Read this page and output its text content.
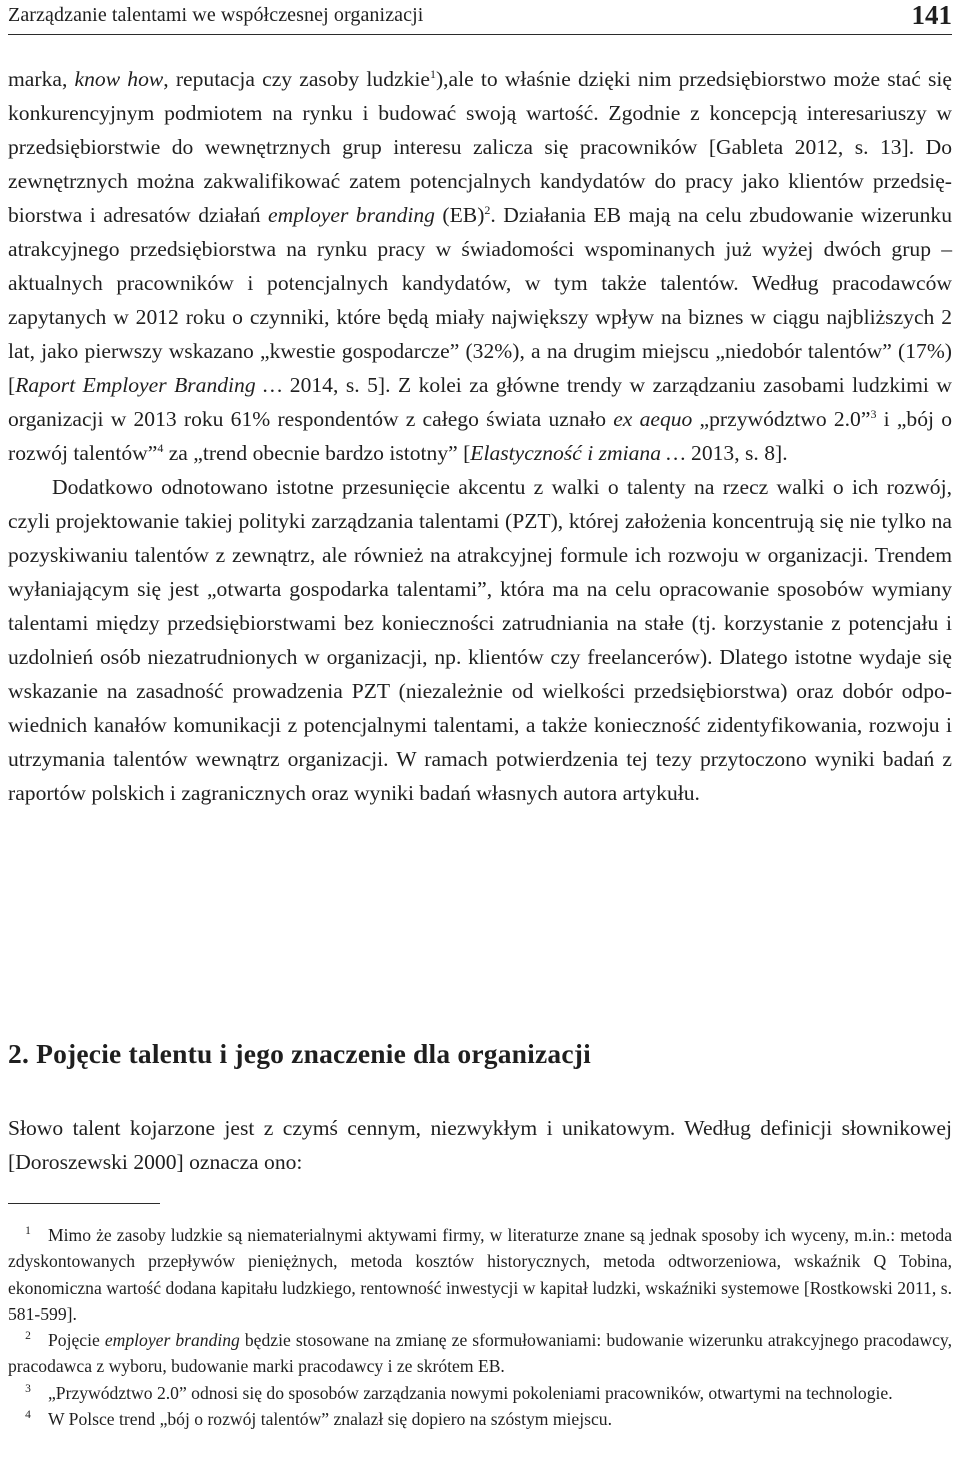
Zarządzanie talentami we współczesnej organizacji	141

marka, know how, reputacja czy zasoby ludzkie$^1$),ale to właśnie dzięki nim przedsiębiorstwo może stać się konkurencyjnym podmiotem na rynku i budować swoją wartość. Zgodnie z koncepcją interesariuszy w przedsiębiorstwie do wewnętrznych grup interesu zalicza się pracowników [Gableta 2012, s. 13]. Do zewnętrznych można zakwalifikować zatem potencjalnych kandydatów do pracy jako klientów przedsiębiorstwa i adresatów działań employer branding (EB)$^2$. Działania EB mają na celu zbudowanie wizerunku atrakcyjnego przedsiębiorstwa na rynku pracy w świadomości wspominanych już wyżej dwóch grup – aktualnych pracowników i potencjalnych kandydatów, w tym także talentów. Według pracodawców zapytanych w 2012 roku o czynniki, które będą miały największy wpływ na biznes w ciągu najbliższych 2 lat, jako pierwszy wskazano „kwestie gospodarcze” (32%), a na drugim miejscu „niedobór talentów” (17%) [Raport Employer Branding … 2014, s. 5]. Z kolei za główne trendy w zarządzaniu zasobami ludzkimi w organizacji w 2013 roku 61% respondentów z całego świata uznało ex aequo „przywództwo 2.0”$^3$ i „bój o rozwój talentów”$^4$ za „trend obecnie bardzo istotny” [Elastyczność i zmiana … 2013, s. 8].

Dodatkowo odnotowano istotne przesunięcie akcentu z walki o talenty na rzecz walki o ich rozwój, czyli projektowanie takiej polityki zarządzania talentami (PZT), której założenia koncentrują się nie tylko na pozyskiwaniu talentów z zewnątrz, ale również na atrakcyjnej formule ich rozwoju w organizacji. Trendem wyłaniającym się jest „otwarta gospodarka talentami”, która ma na celu opracowanie sposobów wymiany talentami między przedsiębiorstwami bez konieczności zatrudniania na stałe (tj. korzystanie z potencjału i uzdolnień osób niezatrudnionych w organizacji, np. klientów czy freelancerów). Dlatego istotne wydaje się wskazanie na zasadność prowadzenia PZT (niezależnie od wielkości przedsiębiorstwa) oraz dobór odpowiednich kanałów komunikacji z potencjalnymi talentami, a także konieczność zidentyfikowania, rozwoju i utrzymania talentów wewnątrz organizacji. W ramach potwierdzenia tej tezy przytoczono wyniki badań z raportów polskich i zagranicznych oraz wyniki badań własnych autora artykułu.

2. Pojęcie talentu i jego znaczenie dla organizacji

Słowo talent kojarzone jest z czymś cennym, niezwykłym i unikatowym. Według definicji słownikowej [Doroszewski 2000] oznacza ono:

1 Mimo że zasoby ludzkie są niematerialnymi aktywami firmy, w literaturze znane są jednak sposoby ich wyceny, m.in.: metoda zdyskontowanych przepływów pieniężnych, metoda kosztów historycznych, metoda odtworzeniowa, wskaźnik Q Tobina, ekonomiczna wartość dodana kapitału ludzkiego, rentowność inwestycji w kapitał ludzki, wskaźniki systemowe [Rostkowski 2011, s. 581-599].

2 Pojęcie employer branding będzie stosowane na zmianę ze sformułowaniami: budowanie wizerunku atrakcyjnego pracodawcy, pracodawca z wyboru, budowanie marki pracodawcy i ze skrótem EB.

3 „Przywództwo 2.0” odnosi się do sposobów zarządzania nowymi pokoleniami pracowników, otwartymi na technologie.

4 W Polsce trend „bój o rozwój talentów” znalazł się dopiero na szóstym miejscu.
